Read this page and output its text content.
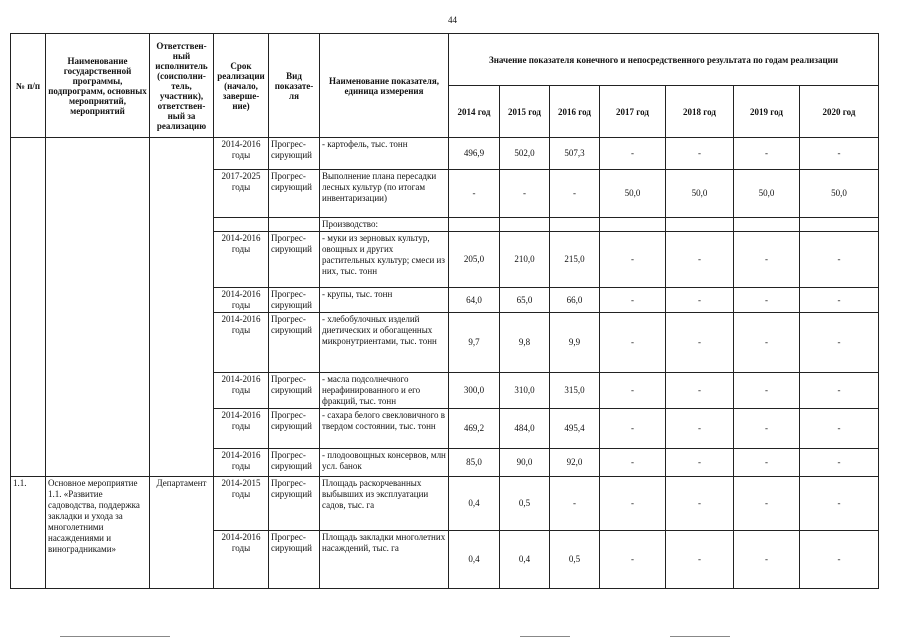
44
№ п/п	Наименование государственной программы, подпрограмм, основных мероприятий, мероприятий	Ответствен-ный исполнитель (соисполни-тель, участник), ответствен-ный за реализацию	Срок реализации (начало, заверше-ние)	Вид показате-ля	Наименование показателя, единица измерения	Значение показателя конечного и непосредственного результата по годам реализации						
						2014 год	2015 год	2016 год	2017 год	2018 год	2019 год	2020 год
			2014-2016 годы	Прогрес-сирующий	- картофель, тыс. тонн	496,9	502,0	507,3	-	-	-	-
			2017-2025 годы	Прогрес-сирующий	Выполнение плана пересадки лесных культур (по итогам инвентаризации)	-	-	-	50,0	50,0	50,0	50,0
					Производство:							
			2014-2016 годы	Прогрес-сирующий	- муки из зерновых культур, овощных и других растительных культур; смеси из них, тыс. тонн	205,0	210,0	215,0	-	-	-	-
			2014-2016 годы	Прогрес-сирующий	- крупы, тыс. тонн	64,0	65,0	66,0	-	-	-	-
			2014-2016 годы	Прогрес-сирующий	- хлебобулочных изделий диетических и обогащенных микронутриентами, тыс. тонн	9,7	9,8	9,9	-	-	-	-
			2014-2016 годы	Прогрес-сирующий	- масла подсолнечного нерафинированного и его фракций, тыс. тонн	300,0	310,0	315,0	-	-	-	-
			2014-2016 годы	Прогрес-сирующий	- сахара белого свекловичного в твердом состоянии, тыс. тонн	469,2	484,0	495,4	-	-	-	-
			2014-2016 годы	Прогрес-сирующий	- плодоовощных консервов, млн усл. банок	85,0	90,0	92,0	-	-	-	-
1.1.	Основное мероприятие 1.1. «Развитие садоводства, поддержка закладки и ухода за многолетними насаждениями и виноградниками»	Департамент	2014-2015 годы	Прогрес-сирующий	Площадь раскорчеванных выбывших из эксплуатации садов, тыс. га	0,4	0,5	-	-	-	-	-
			2014-2016 годы	Прогрес-сирующий	Площадь закладки многолетних насаждений, тыс. га	0,4	0,4	0,5	-	-	-	-
